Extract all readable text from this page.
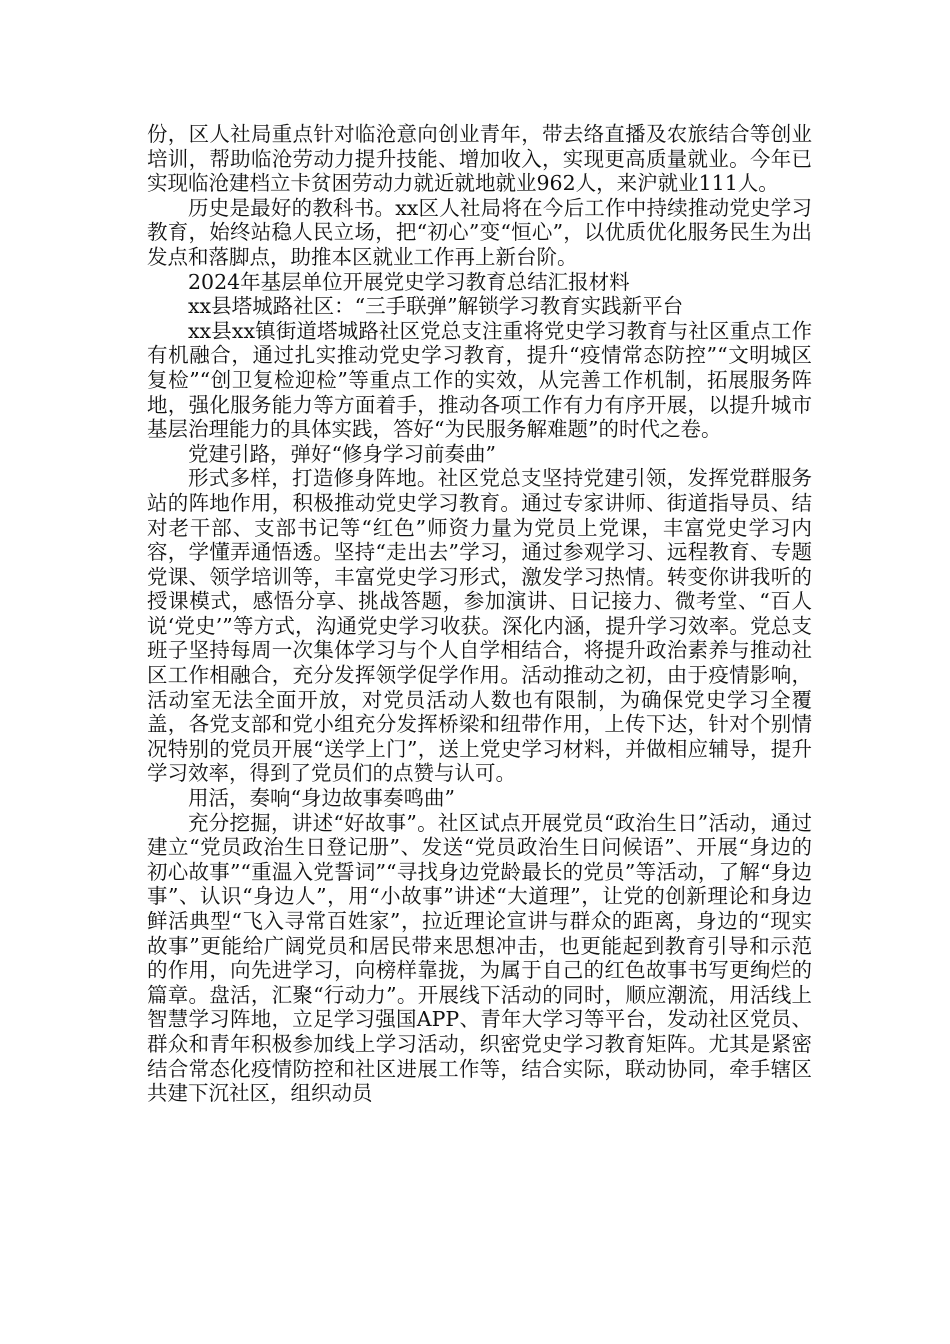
份，区人社局重点针对临沧意向创业青年，带去络直播及农旅结合等创业培训，帮助临沧劳动力提升技能、增加收入，实现更高质量就业。今年已实现临沧建档立卡贫困劳动力就近就地就业962人，来沪就业111人。

历史是最好的教科书。xx区人社局将在今后工作中持续推动党史学习教育，始终站稳人民立场，把“初心”变“恒心”，以优质优化服务民生为出发点和落脚点，助推本区就业工作再上新台阶。

2024年基层单位开展党史学习教育总结汇报材料

xx县塔城路社区：“三手联弹”解锁学习教育实践新平台

xx县xx镇街道塔城路社区党总支注重将党史学习教育与社区重点工作有机融合，通过扎实推动党史学习教育，提升“疫情常态防控”“文明城区复检”“创卫复检迎检”等重点工作的实效，从完善工作机制，拓展服务阵地，强化服务能力等方面着手，推动各项工作有力有序开展，以提升城市基层治理能力的具体实践，答好“为民服务解难题”的时代之卷。

党建引路，弹好“修身学习前奏曲”

形式多样，打造修身阵地。社区党总支坚持党建引领，发挥党群服务站的阵地作用，积极推动党史学习教育。通过专家讲师、街道指导员、结对老干部、支部书记等“红色”师资力量为党员上党课，丰富党史学习内容，学懂弄通悟透。坚持“走出去”学习，通过参观学习、远程教育、专题党课、领学培训等，丰富党史学习形式，激发学习热情。转变你讲我听的授课模式，感悟分享、挑战答题，参加演讲、日记接力、微考堂、“百人说‘党史’”等方式，沟通党史学习收获。深化内涵，提升学习效率。党总支班子坚持每周一次集体学习与个人自学相结合，将提升政治素养与推动社区工作相融合，充分发挥领学促学作用。活动推动之初，由于疫情影响，活动室无法全面开放，对党员活动人数也有限制，为确保党史学习全覆盖，各党支部和党小组充分发挥桥梁和纽带作用，上传下达，针对个别情况特别的党员开展“送学上门”，送上党史学习材料，并做相应辅导，提升学习效率，得到了党员们的点赞与认可。

用活，奏响“身边故事奏鸣曲”

充分挖掘，讲述“好故事”。社区试点开展党员“政治生日”活动，通过建立“党员政治生日登记册”、发送“党员政治生日问候语”、开展“身边的初心故事”“重温入党誓词”“寻找身边党龄最长的党员”等活动，了解“身边事”、认识“身边人”，用“小故事”讲述“大道理”，让党的创新理论和身边鲜活典型“飞入寻常百姓家”，拉近理论宣讲与群众的距离，身边的“现实故事”更能给广阔党员和居民带来思想冲击，也更能起到教育引导和示范的作用，向先进学习，向榜样靠拢，为属于自己的红色故事书写更绚烂的篇章。盘活，汇聚“行动力”。开展线下活动的同时，顺应潮流，用活线上智慧学习阵地，立足学习强国APP、青年大学习等平台，发动社区党员、群众和青年积极参加线上学习活动，织密党史学习教育矩阵。尤其是紧密结合常态化疫情防控和社区进展工作等，结合实际，联动协同，牵手辖区共建下沉社区，组织动员
